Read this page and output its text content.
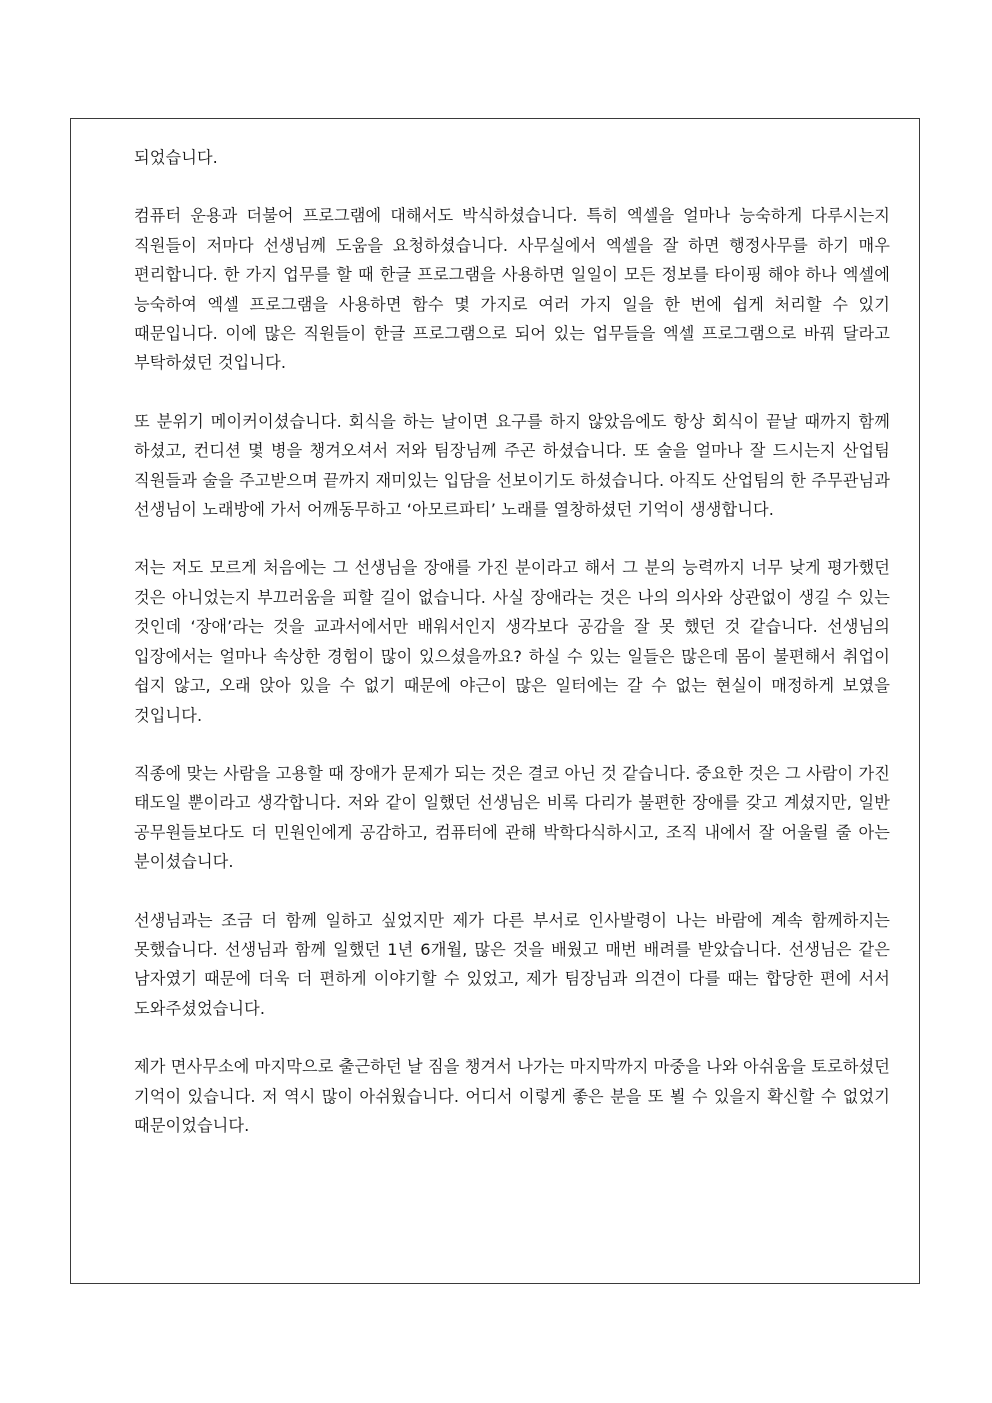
되었습니다.

컴퓨터 운용과 더불어 프로그램에 대해서도 박식하셨습니다. 특히 엑셀을 얼마나 능숙하게 다루시는지 직원들이 저마다 선생님께 도움을 요청하셨습니다. 사무실에서 엑셀을 잘 하면 행정사무를 하기 매우 편리합니다. 한 가지 업무를 할 때 한글 프로그램을 사용하면 일일이 모든 정보를 타이핑 해야 하나 엑셀에 능숙하여 엑셀 프로그램을 사용하면 함수 몇 가지로 여러 가지 일을 한 번에 쉽게 처리할 수 있기 때문입니다. 이에 많은 직원들이 한글 프로그램으로 되어 있는 업무들을 엑셀 프로그램으로 바꿔 달라고 부탁하셨던 것입니다.

또 분위기 메이커이셨습니다. 회식을 하는 날이면 요구를 하지 않았음에도 항상 회식이 끝날 때까지 함께 하셨고, 컨디션 몇 병을 챙겨오셔서 저와 팀장님께 주곤 하셨습니다. 또 술을 얼마나 잘 드시는지 산업팀 직원들과 술을 주고받으며 끝까지 재미있는 입담을 선보이기도 하셨습니다. 아직도 산업팀의 한 주무관님과 선생님이 노래방에 가서 어깨동무하고 ‘아모르파티’ 노래를 열창하셨던 기억이 생생합니다.

저는 저도 모르게 처음에는 그 선생님을 장애를 가진 분이라고 해서 그 분의 능력까지 너무 낮게 평가했던 것은 아니었는지 부끄러움을 피할 길이 없습니다. 사실 장애라는 것은 나의 의사와 상관없이 생길 수 있는 것인데 ‘장애’라는 것을 교과서에서만 배워서인지 생각보다 공감을 잘 못 했던 것 같습니다. 선생님의 입장에서는 얼마나 속상한 경험이 많이 있으셨을까요? 하실 수 있는 일들은 많은데 몸이 불편해서 취업이 쉽지 않고, 오래 앉아 있을 수 없기 때문에 야근이 많은 일터에는 갈 수 없는 현실이 매정하게 보였을 것입니다.

직종에 맞는 사람을 고용할 때 장애가 문제가 되는 것은 결코 아닌 것 같습니다. 중요한 것은 그 사람이 가진 태도일 뿐이라고 생각합니다. 저와 같이 일했던 선생님은 비록 다리가 불편한 장애를 갖고 계셨지만, 일반 공무원들보다도 더 민원인에게 공감하고, 컴퓨터에 관해 박학다식하시고, 조직 내에서 잘 어울릴 줄 아는 분이셨습니다.

선생님과는 조금 더 함께 일하고 싶었지만 제가 다른 부서로 인사발령이 나는 바람에 계속 함께하지는 못했습니다. 선생님과 함께 일했던 1년 6개월, 많은 것을 배웠고 매번 배려를 받았습니다. 선생님은 같은 남자였기 때문에 더욱 더 편하게 이야기할 수 있었고, 제가 팀장님과 의견이 다를 때는 합당한 편에 서서 도와주셨었습니다.

제가 면사무소에 마지막으로 출근하던 날 짐을 챙겨서 나가는 마지막까지 마중을 나와 아쉬움을 토로하셨던 기억이 있습니다. 저 역시 많이 아쉬웠습니다. 어디서 이렇게 좋은 분을 또 뵐 수 있을지 확신할 수 없었기 때문이었습니다.
